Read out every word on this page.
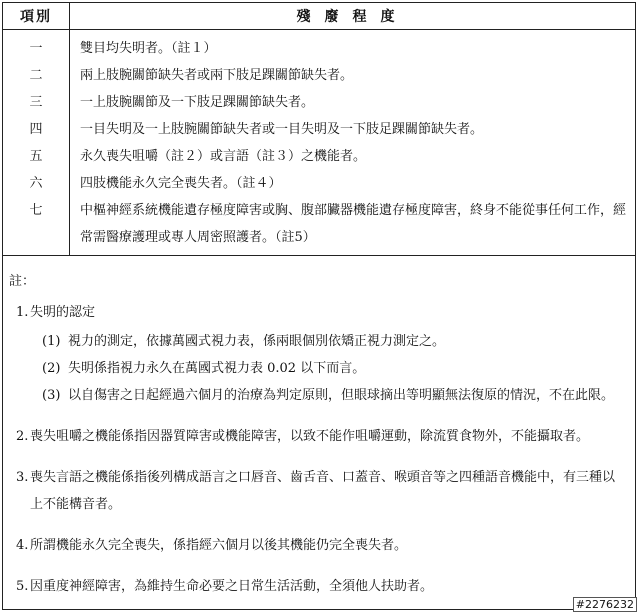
項別	殘廢程度
一	雙目均失明者。（註１）
二	兩上肢腕關節缺失者或兩下肢足踝關節缺失者。
三	一上肢腕關節及一下肢足踝關節缺失者。
四	一目失明及一上肢腕關節缺失者或一目失明及一下肢足踝關節缺失者。
五	永久喪失咀嚼（註２）或言語（註３）之機能者。
六	四肢機能永久完全喪失者。（註４）
七	中樞神經系統機能遺存極度障害或胸、腹部臟器機能遺存極度障害，終身不能從事任何工作，經常需醫療護理或專人周密照護者。（註5）
註：
1. 失明的認定
(1) 視力的測定，依據萬國式視力表，係兩眼個別依矯正視力測定之。
(2) 失明係指視力永久在萬國式視力表 0.02 以下而言。
(3) 以自傷害之日起經過六個月的治療為判定原則，但眼球摘出等明顯無法復原的情況，不在此限。
2. 喪失咀嚼之機能係指因器質障害或機能障害，以致不能作咀嚼運動，除流質食物外，不能攝取者。
3. 喪失言語之機能係指後列構成語言之口唇音、齒舌音、口蓋音、喉頭音等之四種語音機能中，有三種以上不能構音者。
4. 所謂機能永久完全喪失，係指經六個月以後其機能仍完全喪失者。
5. 因重度神經障害，為維持生命必要之日常生活活動，全須他人扶助者。
#2276232
